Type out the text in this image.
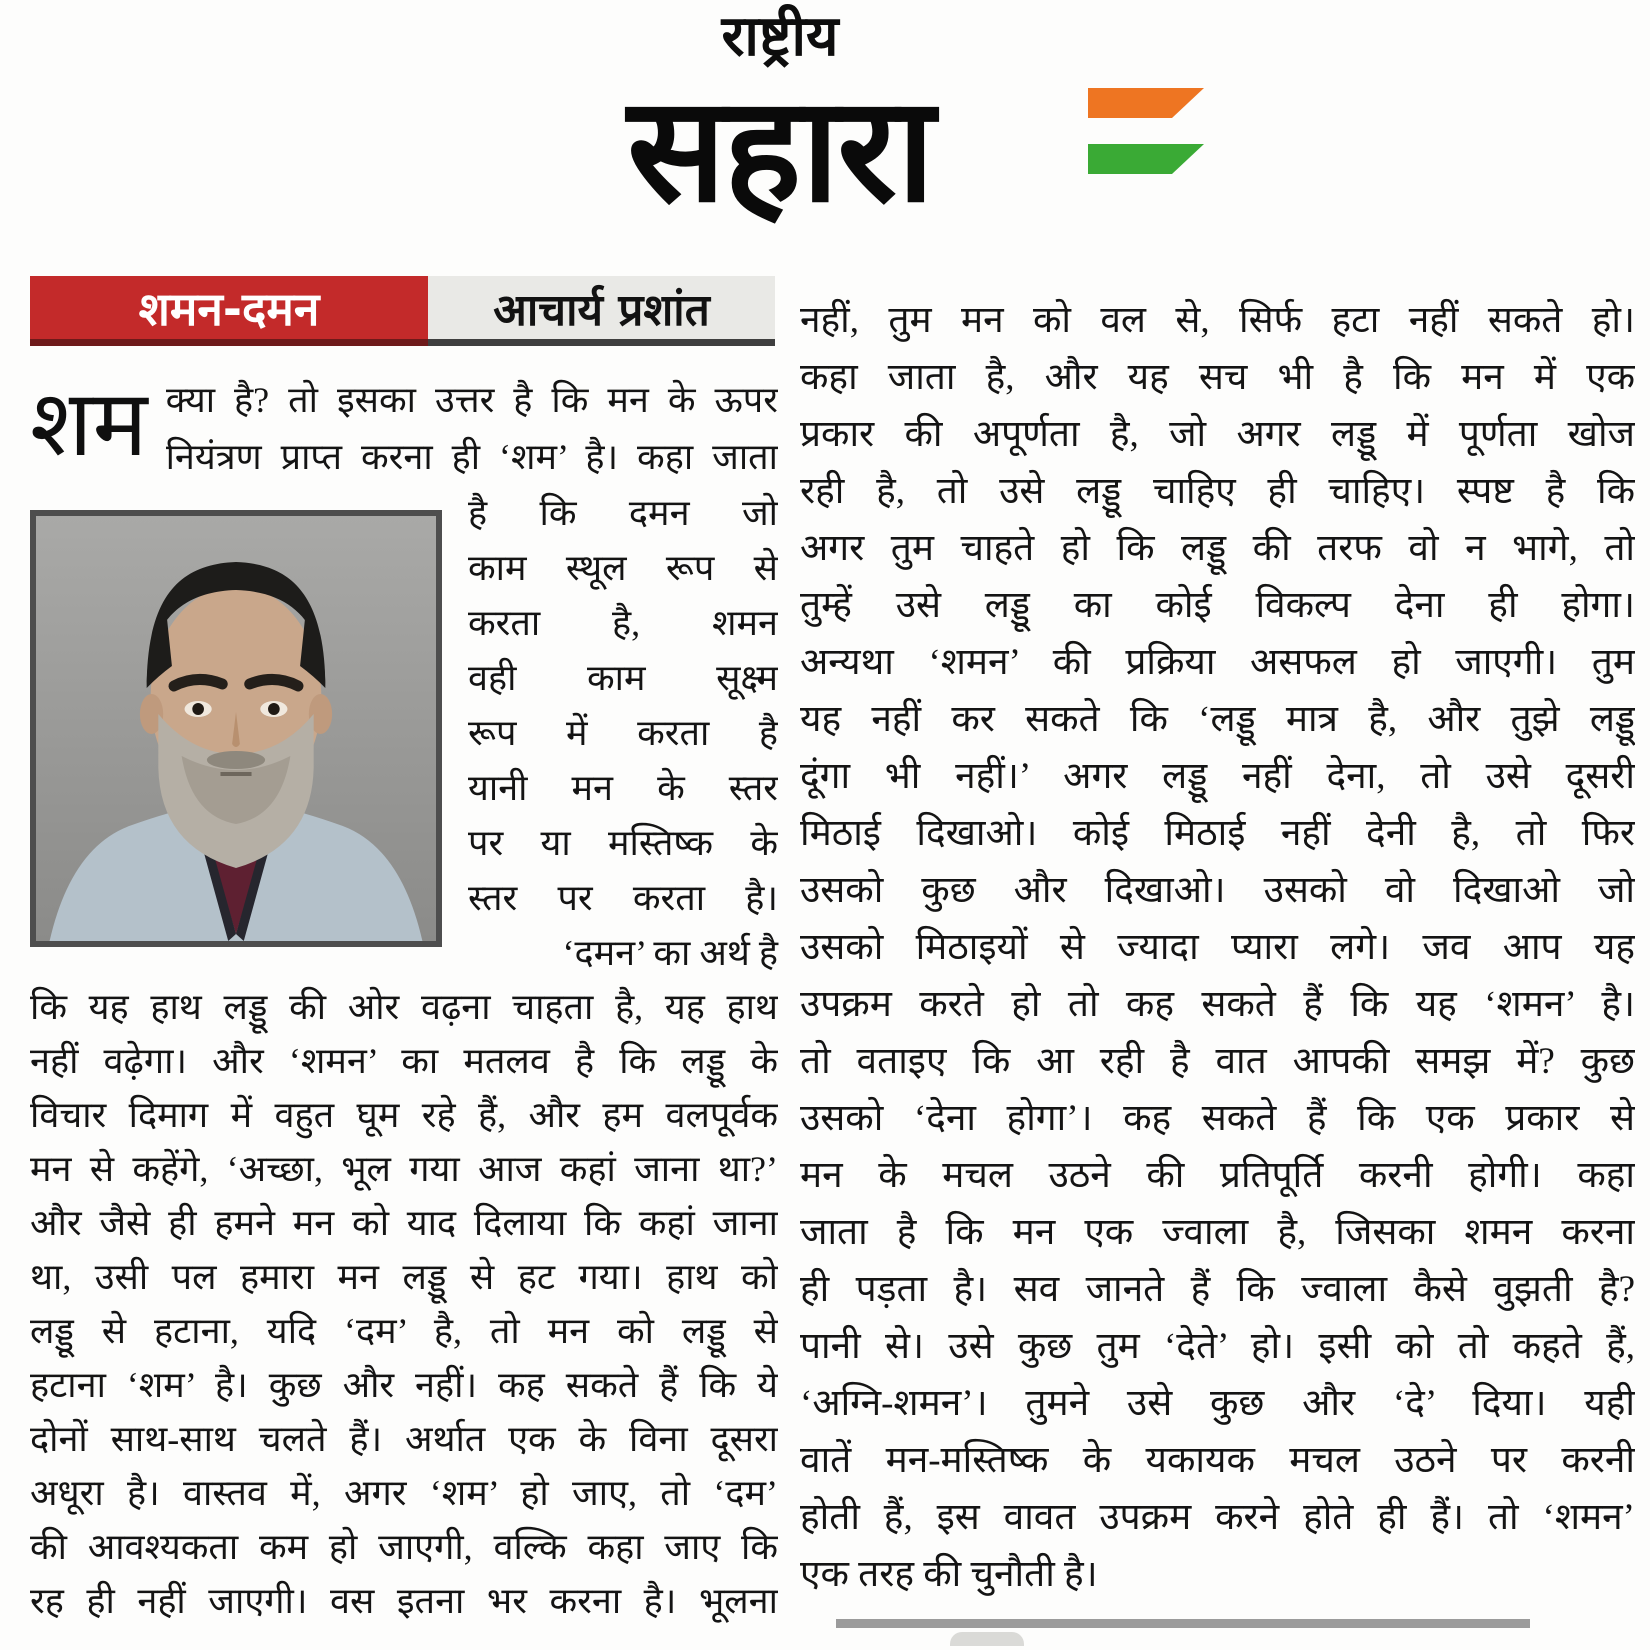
राष्ट्रीय
सहारा
शमन-दमन	आचार्य प्रशांत
शम क्या है? तो इसका उत्तर है कि मन के ऊपर
नियंत्रण प्राप्त करना ही ‘शम’ है। कहा जाता
है कि दमन जो
काम स्थूल रूप से
करता है, शमन
वही काम सूक्ष्म
रूप में करता है
यानी मन के स्तर
पर या मस्तिष्क के
स्तर पर करता है।
‘दमन’ का अर्थ है
कि यह हाथ लड्डू की ओर वढ़ना चाहता है, यह हाथ
नहीं वढ़ेगा। और ‘शमन’ का मतलव है कि लड्डू के
विचार दिमाग में वहुत घूम रहे हैं, और हम वलपूर्वक
मन से कहेंगे, ‘अच्छा, भूल गया आज कहां जाना था?’
और जैसे ही हमने मन को याद दिलाया कि कहां जाना
था, उसी पल हमारा मन लड्डू से हट गया। हाथ को
लड्डू से हटाना, यदि ‘दम’ है, तो मन को लड्डू से
हटाना ‘शम’ है। कुछ और नहीं। कह सकते हैं कि ये
दोनों साथ-साथ चलते हैं। अर्थात एक के विना दूसरा
अधूरा है। वास्तव में, अगर ‘शम’ हो जाए, तो ‘दम’
की आवश्यकता कम हो जाएगी, वल्कि कहा जाए कि
रह ही नहीं जाएगी। वस इतना भर करना है। भूलना
नहीं, तुम मन को वल से, सिर्फ हटा नहीं सकते हो।
कहा जाता है, और यह सच भी है कि मन में एक
प्रकार की अपूर्णता है, जो अगर लड्डू में पूर्णता खोज
रही है, तो उसे लड्डू चाहिए ही चाहिए। स्पष्ट है कि
अगर तुम चाहते हो कि लड्डू की तरफ वो न भागे, तो
तुम्हें उसे लड्डू का कोई विकल्प देना ही होगा।
अन्यथा ‘शमन’ की प्रक्रिया असफल हो जाएगी। तुम
यह नहीं कर सकते कि ‘लड्डू मात्र है, और तुझे लड्डू
दूंगा भी नहीं।’ अगर लड्डू नहीं देना, तो उसे दूसरी
मिठाई दिखाओ। कोई मिठाई नहीं देनी है, तो फिर
उसको कुछ और दिखाओ। उसको वो दिखाओ जो
उसको मिठाइयों से ज्यादा प्यारा लगे। जव आप यह
उपक्रम करते हो तो कह सकते हैं कि यह ‘शमन’ है।
तो वताइए कि आ रही है वात आपकी समझ में? कुछ
उसको ‘देना होगा’। कह सकते हैं कि एक प्रकार से
मन के मचल उठने की प्रतिपूर्ति करनी होगी। कहा
जाता है कि मन एक ज्वाला है, जिसका शमन करना
ही पड़ता है। सव जानते हैं कि ज्वाला कैसे वुझती है?
पानी से। उसे कुछ तुम ‘देते’ हो। इसी को तो कहते हैं,
‘अग्नि-शमन’। तुमने उसे कुछ और ‘दे’ दिया। यही
वातें मन-मस्तिष्क के यकायक मचल उठने पर करनी
होती हैं, इस वावत उपक्रम करने होते ही हैं। तो ‘शमन’
एक तरह की चुनौती है।
